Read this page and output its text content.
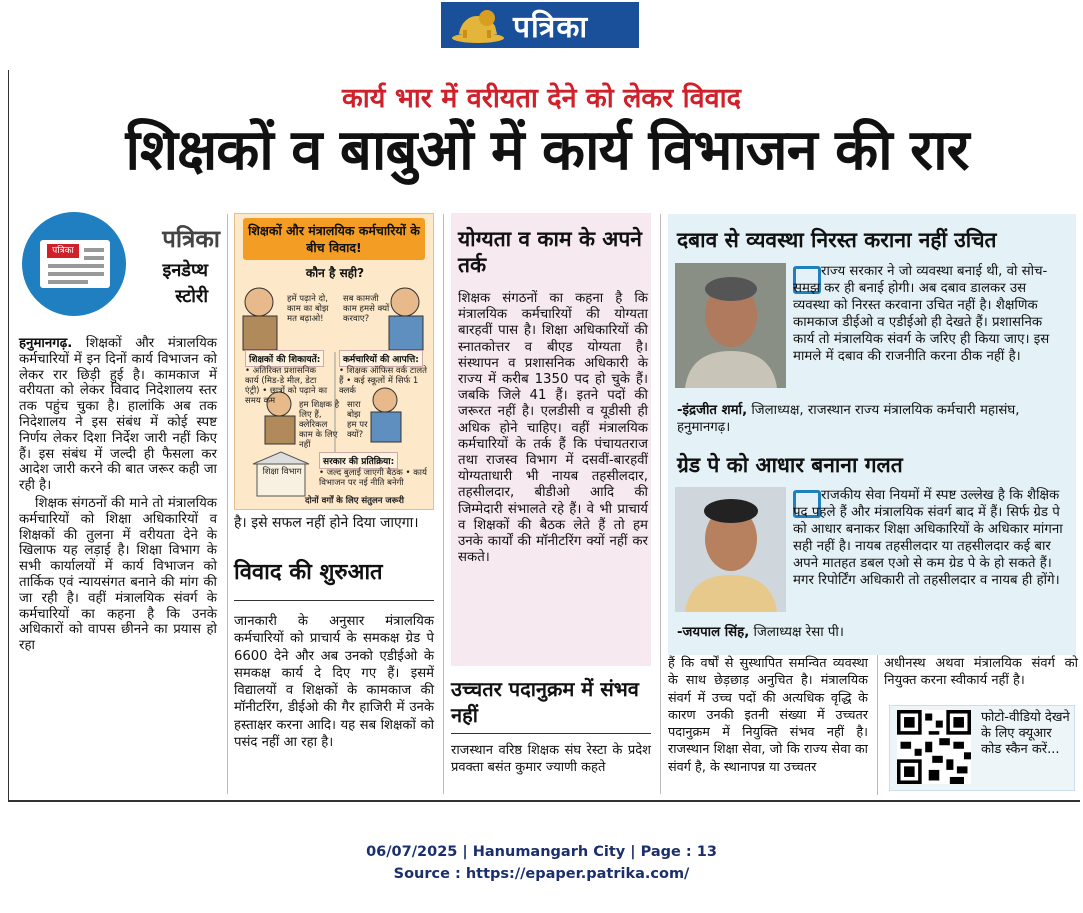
पत्रिका
कार्य भार में वरीयता देने को लेकर विवाद
शिक्षकों व बाबुओं में कार्य विभाजन की रार
पत्रिका	पत्रिका
इनडेप्थ
स्टोरी

हनुमानगढ़. शिक्षकों और मंत्रालयिक कर्मचारियों में इन दिनों कार्य विभाजन को लेकर रार छिड़ी हुई है। कामकाज में वरीयता को लेकर विवाद निदेशालय स्तर तक पहुंच चुका है। हालांकि अब तक निदेशालय ने इस संबंध में कोई स्पष्ट निर्णय लेकर दिशा निर्देश जारी नहीं किए हैं। इस संबंध में जल्दी ही फैसला कर आदेश जारी करने की बात जरूर कही जा रही है।

शिक्षक संगठनों की माने तो मंत्रालयिक कर्मचारियों को शिक्षा अधिकारियों व शिक्षकों की तुलना में वरीयता देने के खिलाफ यह लड़ाई है। शिक्षा विभाग के सभी कार्यालयों में कार्य विभाजन को तार्किक एवं न्यायसंगत बनाने की मांग की जा रही है। वहीं मंत्रालयिक संवर्ग के कर्मचारियों का कहना है कि उनके अधिकारों को वापस छीनने का प्रयास हो रहा

शिक्षकों और मंत्रालयिक कर्मचारियों के बीच विवाद!
कौन है सही?
हमें पढ़ाने दो, काम का बोझ मत बढ़ाओ!
सब कामजी काम हमसे क्यों करवाए?
शिक्षकों की शिकायतें:
• अतिरिक्त प्रशासनिक कार्य (मिड-डे मील, डेटा एंट्री) • छात्रों को पढ़ाने का समय कम
कर्मचारियों की आपत्ति:
• शिक्षक ऑफिस वर्क टालते हैं • कई स्कूलों में सिर्फ 1 क्लर्क
हम शिक्षक है लिए हैं, क्लेरिकल काम के लिए नहीं
सारा बोझ हम पर क्यों?
शिक्षा विभाग
सरकार की प्रतिक्रिया:
• जल्द बुलाई जाएगी बैठक • कार्य विभाजन पर नई नीति बनेगी
दोनों वर्गों के लिए संतुलन जरूरी

है। इसे सफल नहीं होने दिया जाएगा।

विवाद की शुरुआत

जानकारी के अनुसार मंत्रालयिक कर्मचारियों को प्राचार्य के समकक्ष ग्रेड पे 6600 देने और अब उनको एडीईओ के समकक्ष कार्य दे दिए गए हैं। इसमें विद्यालयों व शिक्षकों के कामकाज की मॉनीटरिंग, डीईओ की गैर हाजिरी में उनके हस्ताक्षर करना आदि। यह सब शिक्षकों को पसंद नहीं आ रहा है।

योग्यता व काम के अपने तर्क

शिक्षक संगठनों का कहना है कि मंत्रालयिक कर्मचारियों की योग्यता बारहवीं पास है। शिक्षा अधिकारियों की स्नातकोत्तर व बीएड योग्यता है। संस्थापन व प्रशासनिक अधिकारी के राज्य में करीब 1350 पद हो चुके हैं। जबकि जिले 41 हैं। इतने पदों की जरूरत नहीं है। एलडीसी व यूडीसी ही अधिक होने चाहिए। वहीं मंत्रालयिक कर्मचारियों के तर्क हैं कि पंचायतराज तथा राजस्व विभाग में दसवीं-बारहवीं योग्यताधारी भी नायब तहसीलदार, तहसीलदार, बीडीओ आदि की जिम्मेदारी संभालते रहे हैं। वे भी प्राचार्य व शिक्षकों की बैठक लेते हैं तो हम उनके कार्यों की मॉनीटरिंग क्यों नहीं कर सकते।

उच्चतर पदानुक्रम में संभव नहीं

राजस्थान वरिष्ठ शिक्षक संघ रेस्टा के प्रदेश प्रवक्ता बसंत कुमार ज्याणी कहते

दबाव से व्यवस्था निरस्त कराना नहीं उचित

राज्य सरकार ने जो व्यवस्था बनाई थी, वो सोच-समझ कर ही बनाई होगी। अब दबाव डालकर उस व्यवस्था को निरस्त करवाना उचित नहीं है। शैक्षणिक कामकाज डीईओ व एडीईओ ही देखते हैं। प्रशासनिक कार्य तो मंत्रालयिक संवर्ग के जरिए ही किया जाए। इस मामले में दबाव की राजनीति करना ठीक नहीं है।

-इंद्रजीत शर्मा, जिलाध्यक्ष, राजस्थान राज्य मंत्रालयिक कर्मचारी महासंघ, हनुमानगढ़।

ग्रेड पे को आधार बनाना गलत

राजकीय सेवा नियमों में स्पष्ट उल्लेख है कि शैक्षिक पद पहले हैं और मंत्रालयिक संवर्ग बाद में हैं। सिर्फ ग्रेड पे को आधार बनाकर शिक्षा अधिकारियों के अधिकार मांगना सही नहीं है। नायब तहसीलदार या तहसीलदार कई बार अपने मातहत डबल एओ से कम ग्रेड पे के हो सकते हैं। मगर रिपोर्टिंग अधिकारी तो तहसीलदार व नायब ही होंगे।

-जयपाल सिंह, जिलाध्यक्ष रेसा पी।

हैं कि वर्षों से सुस्थापित समन्वित व्यवस्था के साथ छेड़छाड़ अनुचित है। मंत्रालयिक संवर्ग में उच्च पदों की अत्यधिक वृद्धि के कारण उनकी इतनी संख्या में उच्चतर पदानुक्रम में नियुक्ति संभव नहीं है। राजस्थान शिक्षा सेवा, जो कि राज्य सेवा का संवर्ग है, के स्थानापन्न या उच्चतर

अधीनस्थ अथवा मंत्रालयिक संवर्ग को नियुक्त करना स्वीकार्य नहीं है।

फोटो-वीडियो देखने के लिए क्यूआर कोड स्कैन करें...
06/07/2025 | Hanumangarh City | Page : 13
Source : https://epaper.patrika.com/
